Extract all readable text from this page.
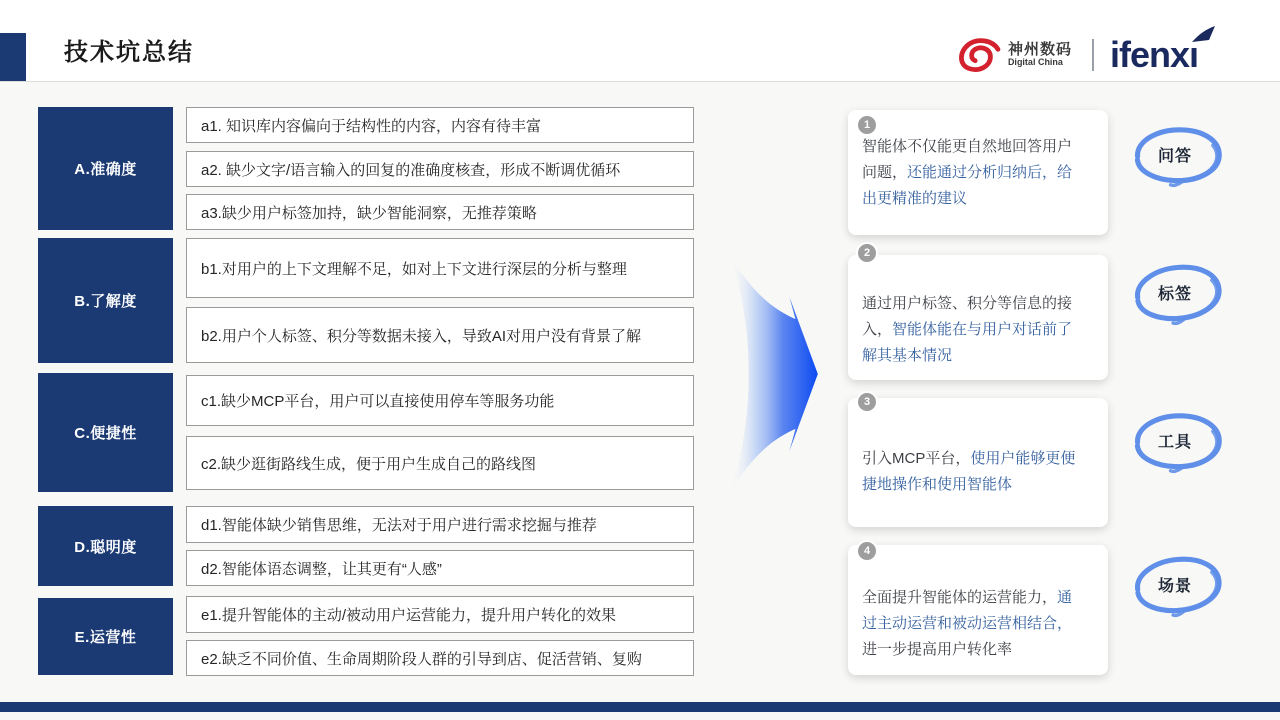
技术坑总结	神州数码
Digital China ifenxı
A.准确度
B.了解度
C.便捷性
D.聪明度
E.运营性
a1. 知识库内容偏向于结构性的内容，内容有待丰富
a2. 缺少文字/语言输入的回复的准确度核查，形成不断调优循环
a3.缺少用户标签加持，缺少智能洞察，无推荐策略
b1.对用户的上下文理解不足，如对上下文进行深层的分析与整理
b2.用户个人标签、积分等数据未接入，导致AI对用户没有背景了解
c1.缺少MCP平台，用户可以直接使用停车等服务功能
c2.缺少逛街路线生成，便于用户生成自己的路线图
d1.智能体缺少销售思维，无法对于用户进行需求挖掘与推荐
d2.智能体语态调整，让其更有“人感”
e1.提升智能体的主动/被动用户运营能力，提升用户转化的效果
e2.缺乏不同价值、生命周期阶段人群的引导到店、促活营销、复购
1

智能体不仅能更自然地回答用户问题，还能通过分析归纳后，给出更精准的建议

2

通过用户标签、积分等信息的接入，智能体能在与用户对话前了解其基本情况

3

引入MCP平台，使用户能够更便捷地操作和使用智能体

4

全面提升智能体的运营能力，通过主动运营和被动运营相结合，进一步提高用户转化率

问答
标签
工具
场景
